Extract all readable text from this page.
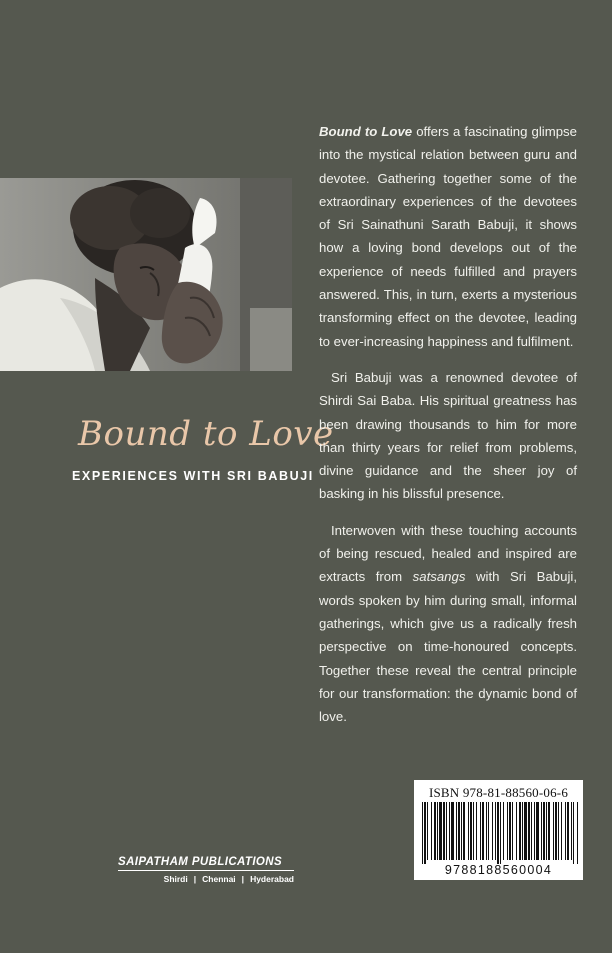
Bound to Love
EXPERIENCES WITH SRI BABUJI

Bound to Love offers a fascinating glimpse into the mystical relation between guru and devotee. Gathering together some of the extraordinary experiences of the devotees of Sri Sainathuni Sarath Babuji, it shows how a loving bond develops out of the experience of needs fulfilled and prayers answered. This, in turn, exerts a mysterious transforming effect on the devotee, leading to ever-increasing happiness and fulfilment.

Sri Babuji was a renowned devotee of Shirdi Sai Baba. His spiritual greatness has been drawing thousands to him for more than thirty years for relief from problems, divine guidance and the sheer joy of basking in his blissful presence.

Interwoven with these touching accounts of being rescued, healed and inspired are extracts from satsangs with Sri Babuji, words spoken by him during small, informal gatherings, which give us a radically fresh perspective on time-honoured concepts. Together these reveal the central principle for our transformation: the dynamic bond of love.

ISBN 978-81-88560-06-6
9788188560004
SAIPATHAM PUBLICATIONS
Shirdi | Chennai | Hyderabad
